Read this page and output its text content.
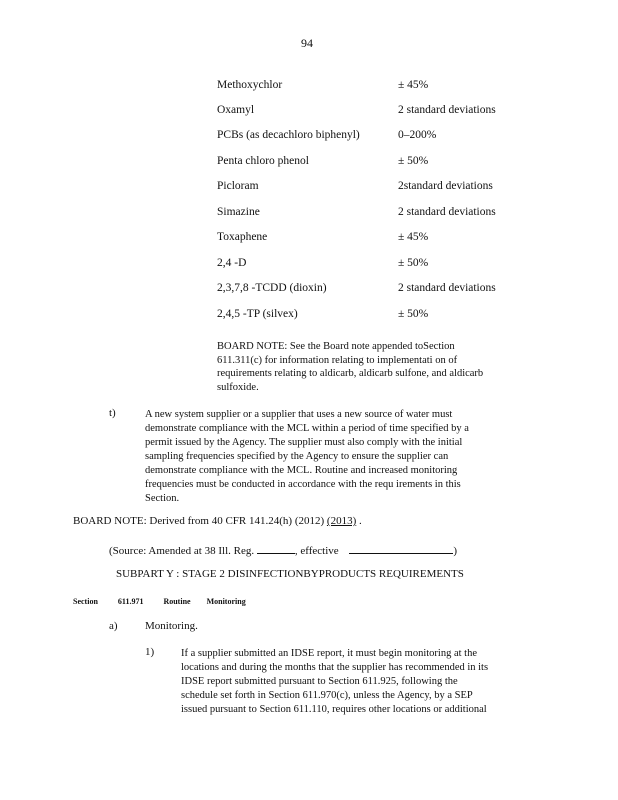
94
Methoxychlor	± 45%
Oxamyl	2 standard deviations
PCBs (as decachloro biphenyl)	0–200%
Penta chloro phenol	± 50%
Picloram	2standard deviations
Simazine	2 standard deviations
Toxaphene	± 45%
2,4 -D	± 50%
2,3,7,8 -TCDD (dioxin)	2 standard deviations
2,4,5 -TP (silvex)	± 50%
BOARD NOTE: See the Board note appended toSection
611.311(c) for information relating to implementati on of
requirements relating to aldicarb, aldicarb sulfone, and aldicarb
sulfoxide.
t)	A new system supplier or a supplier that uses a new source of water must
demonstrate compliance with the MCL within a period of time specified by a
permit issued by the Agency. The supplier must also comply with the initial
sampling frequencies specified by the Agency to ensure the supplier can
demonstrate compliance with the MCL. Routine and increased monitoring
frequencies must be conducted in accordance with the requ irements in this
Section.
BOARD NOTE: Derived from 40 CFR 141.24(h) (2012) (2013) .
(Source: Amended at 38 Ill. Reg.	, effective	)
SUBPART Y : STAGE 2 DISINFECTIONBYPRODUCTS REQUIREMENTS
Section	611.971	Routine Monitoring
a) Monitoring.
1)	If a supplier submitted an IDSE report, it must begin monitoring at the
locations and during the months that the supplier has recommended in its
IDSE report submitted pursuant to Section 611.925, following the
schedule set forth in Section 611.970(c), unless the Agency, by a SEP
issued pursuant to Section 611.110, requires other locations or additional
